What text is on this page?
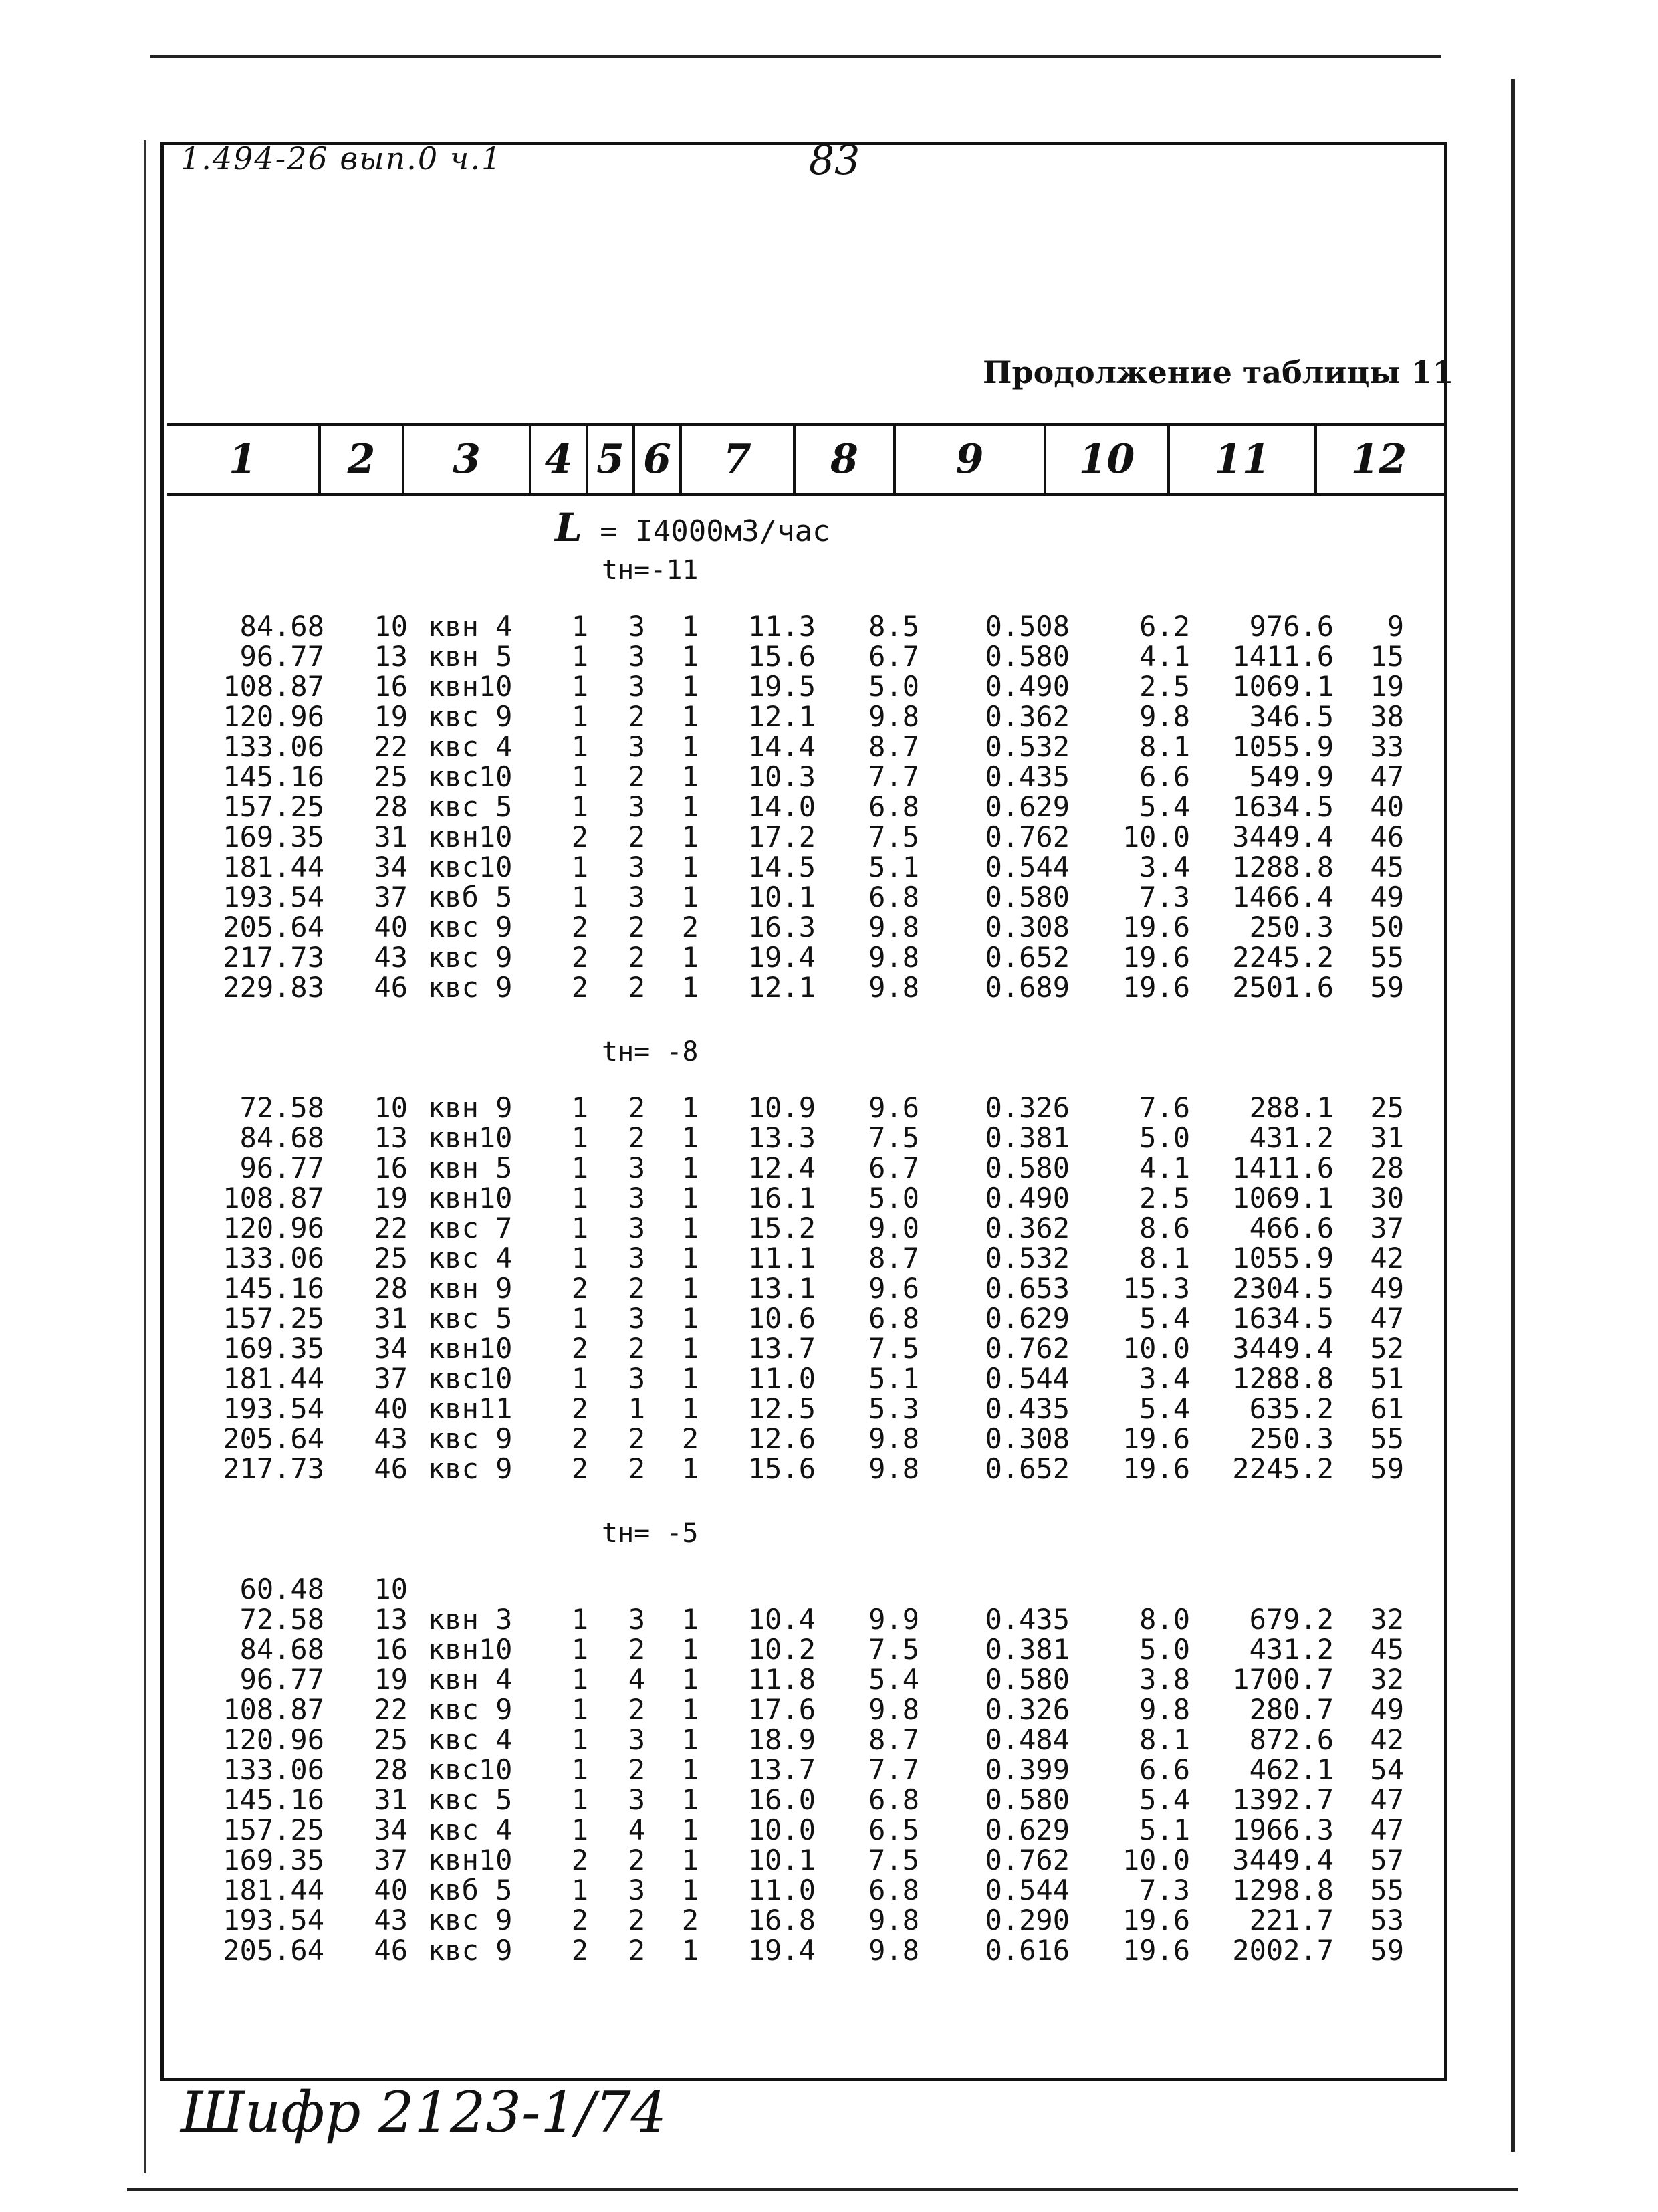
1.494-26 вып.0 ч.1	83
Продолжение таблицы 11
1	2	3	4 5 6	7	8	9	10	11	12
L = I4000м3/час
tн=-11
tн= -8
tн= -5
84.68	10 квн 4	1	3	1	11.3	8.5	0.508	6.2	976.6	9
96.77	13 квн 5	1	3	1	15.6	6.7	0.580	4.1	1411.6	15
108.87	16 квн10	1	3	1	19.5	5.0	0.490	2.5	1069.1	19
120.96	19 квс 9	1	2	1	12.1	9.8	0.362	9.8	346.5	38
133.06	22 квс 4	1	3	1	14.4	8.7	0.532	8.1	1055.9	33
145.16	25 квс10	1	2	1	10.3	7.7	0.435	6.6	549.9	47
157.25	28 квс 5	1	3	1	14.0	6.8	0.629	5.4	1634.5	40
169.35	31 квн10	2	2	1	17.2	7.5	0.762	10.0	3449.4	46
181.44	34 квс10	1	3	1	14.5	5.1	0.544	3.4	1288.8	45
193.54	37 квб 5	1	3	1	10.1	6.8	0.580	7.3	1466.4	49
205.64	40 квс 9	2	2	2	16.3	9.8	0.308	19.6	250.3	50
217.73	43 квс 9	2	2	1	19.4	9.8	0.652	19.6	2245.2	55
229.83	46 квс 9	2	2	1	12.1	9.8	0.689	19.6	2501.6	59
72.58	10 квн 9	1	2	1	10.9	9.6	0.326	7.6	288.1	25
84.68	13 квн10	1	2	1	13.3	7.5	0.381	5.0	431.2	31
96.77	16 квн 5	1	3	1	12.4	6.7	0.580	4.1	1411.6	28
108.87	19 квн10	1	3	1	16.1	5.0	0.490	2.5	1069.1	30
120.96	22 квс 7	1	3	1	15.2	9.0	0.362	8.6	466.6	37
133.06	25 квс 4	1	3	1	11.1	8.7	0.532	8.1	1055.9	42
145.16	28 квн 9	2	2	1	13.1	9.6	0.653	15.3	2304.5	49
157.25	31 квс 5	1	3	1	10.6	6.8	0.629	5.4	1634.5	47
169.35	34 квн10	2	2	1	13.7	7.5	0.762	10.0	3449.4	52
181.44	37 квс10	1	3	1	11.0	5.1	0.544	3.4	1288.8	51
193.54	40 квн11	2	1	1	12.5	5.3	0.435	5.4	635.2	61
205.64	43 квс 9	2	2	2	12.6	9.8	0.308	19.6	250.3	55
217.73	46 квс 9	2	2	1	15.6	9.8	0.652	19.6	2245.2	59
60.48	10
72.58	13 квн 3	1	3	1	10.4	9.9	0.435	8.0	679.2	32
84.68	16 квн10	1	2	1	10.2	7.5	0.381	5.0	431.2	45
96.77	19 квн 4	1	4	1	11.8	5.4	0.580	3.8	1700.7	32
108.87	22 квс 9	1	2	1	17.6	9.8	0.326	9.8	280.7	49
120.96	25 квс 4	1	3	1	18.9	8.7	0.484	8.1	872.6	42
133.06	28 квс10	1	2	1	13.7	7.7	0.399	6.6	462.1	54
145.16	31 квс 5	1	3	1	16.0	6.8	0.580	5.4	1392.7	47
157.25	34 квс 4	1	4	1	10.0	6.5	0.629	5.1	1966.3	47
169.35	37 квн10	2	2	1	10.1	7.5	0.762	10.0	3449.4	57
181.44	40 квб 5	1	3	1	11.0	6.8	0.544	7.3	1298.8	55
193.54	43 квс 9	2	2	2	16.8	9.8	0.290	19.6	221.7	53
205.64	46 квс 9	2	2	1	19.4	9.8	0.616	19.6	2002.7	59
Шифр 2123-1/74
